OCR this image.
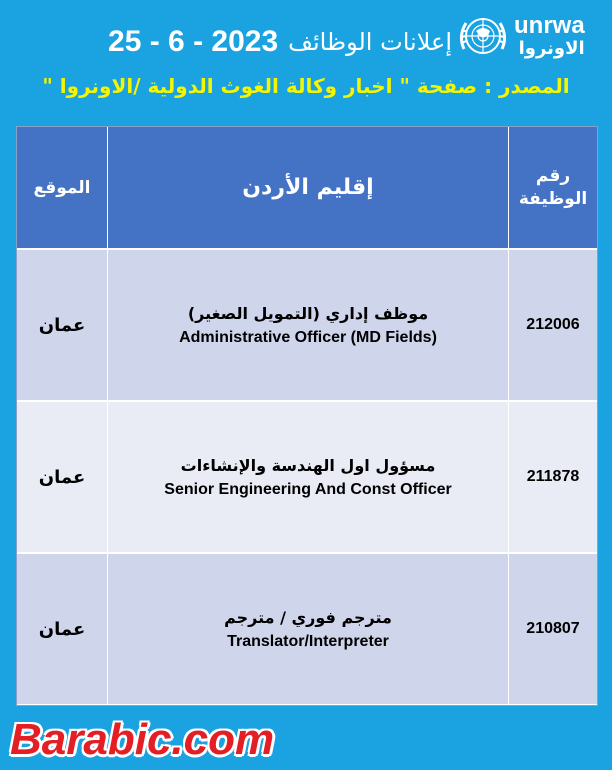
25 - 6 - 2023 إعلانات الوظائف
unrwa
الاونروا
المصدر : صفحة " اخبار وكالة الغوث الدولية /الاونروا "
الموقع	إقليم الأردن	رقم الوظيفة
عمان
موظف إداري (التمويل الصغير)
Administrative Officer (MD Fields)
212006
عمان
مسؤول اول الهندسة والإنشاءات
Senior Engineering And Const Officer
211878
عمان
مترجم فوري / مترجم
Translator/Interpreter
210807
Barabic.com
